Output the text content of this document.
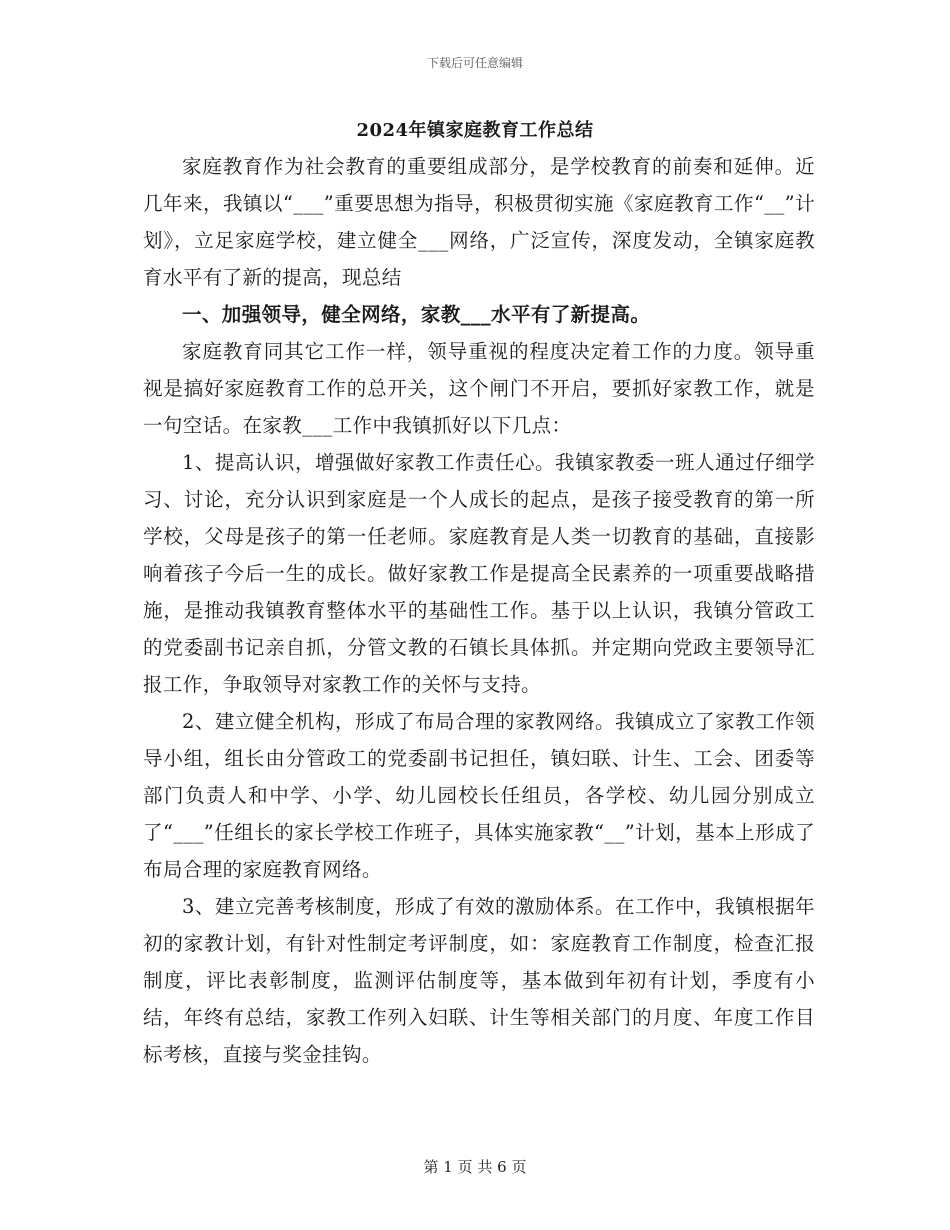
下载后可任意编辑
2024年镇家庭教育工作总结

家庭教育作为社会教育的重要组成部分，是学校教育的前奏和延伸。近几年来，我镇以“___”重要思想为指导，积极贯彻实施《家庭教育工作“__”计划》，立足家庭学校，建立健全___网络，广泛宣传，深度发动，全镇家庭教育水平有了新的提高，现总结

一、加强领导，健全网络，家教___水平有了新提高。

家庭教育同其它工作一样，领导重视的程度决定着工作的力度。领导重视是搞好家庭教育工作的总开关，这个闸门不开启，要抓好家教工作，就是一句空话。在家教___工作中我镇抓好以下几点：

1、提高认识，增强做好家教工作责任心。我镇家教委一班人通过仔细学习、讨论，充分认识到家庭是一个人成长的起点，是孩子接受教育的第一所学校，父母是孩子的第一任老师。家庭教育是人类一切教育的基础，直接影响着孩子今后一生的成长。做好家教工作是提高全民素养的一项重要战略措施，是推动我镇教育整体水平的基础性工作。基于以上认识，我镇分管政工的党委副书记亲自抓，分管文教的石镇长具体抓。并定期向党政主要领导汇报工作，争取领导对家教工作的关怀与支持。

2、建立健全机构，形成了布局合理的家教网络。我镇成立了家教工作领导小组，组长由分管政工的党委副书记担任，镇妇联、计生、工会、团委等部门负责人和中学、小学、幼儿园校长任组员，各学校、幼儿园分别成立了“___”任组长的家长学校工作班子，具体实施家教“__”计划，基本上形成了布局合理的家庭教育网络。

3、建立完善考核制度，形成了有效的激励体系。在工作中，我镇根据年初的家教计划，有针对性制定考评制度，如：家庭教育工作制度，检查汇报制度，评比表彰制度，监测评估制度等，基本做到年初有计划，季度有小结，年终有总结，家教工作列入妇联、计生等相关部门的月度、年度工作目标考核，直接与奖金挂钩。

第 1 页 共 6 页
